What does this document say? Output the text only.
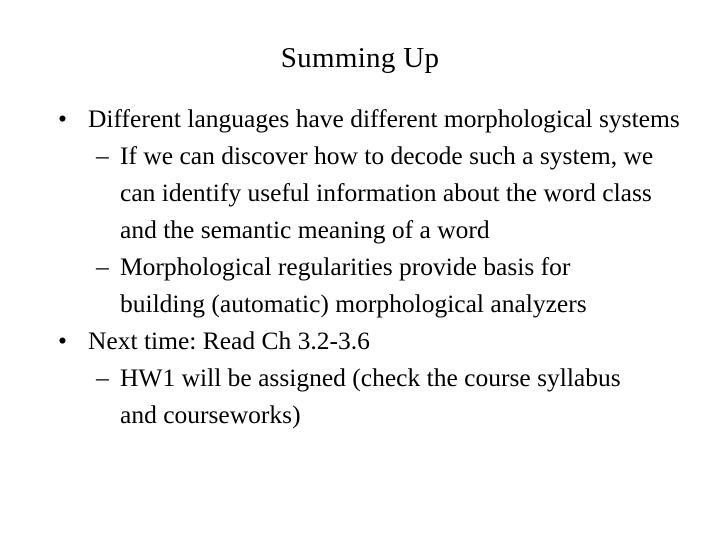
Summing Up
• Different languages have different morphological systems
– If we can discover how to decode such a system, we can identify useful information about the word class and the semantic meaning of a word
– Morphological regularities provide basis for building (automatic) morphological analyzers
• Next time: Read Ch 3.2-3.6
– HW1 will be assigned (check the course syllabus and courseworks)
